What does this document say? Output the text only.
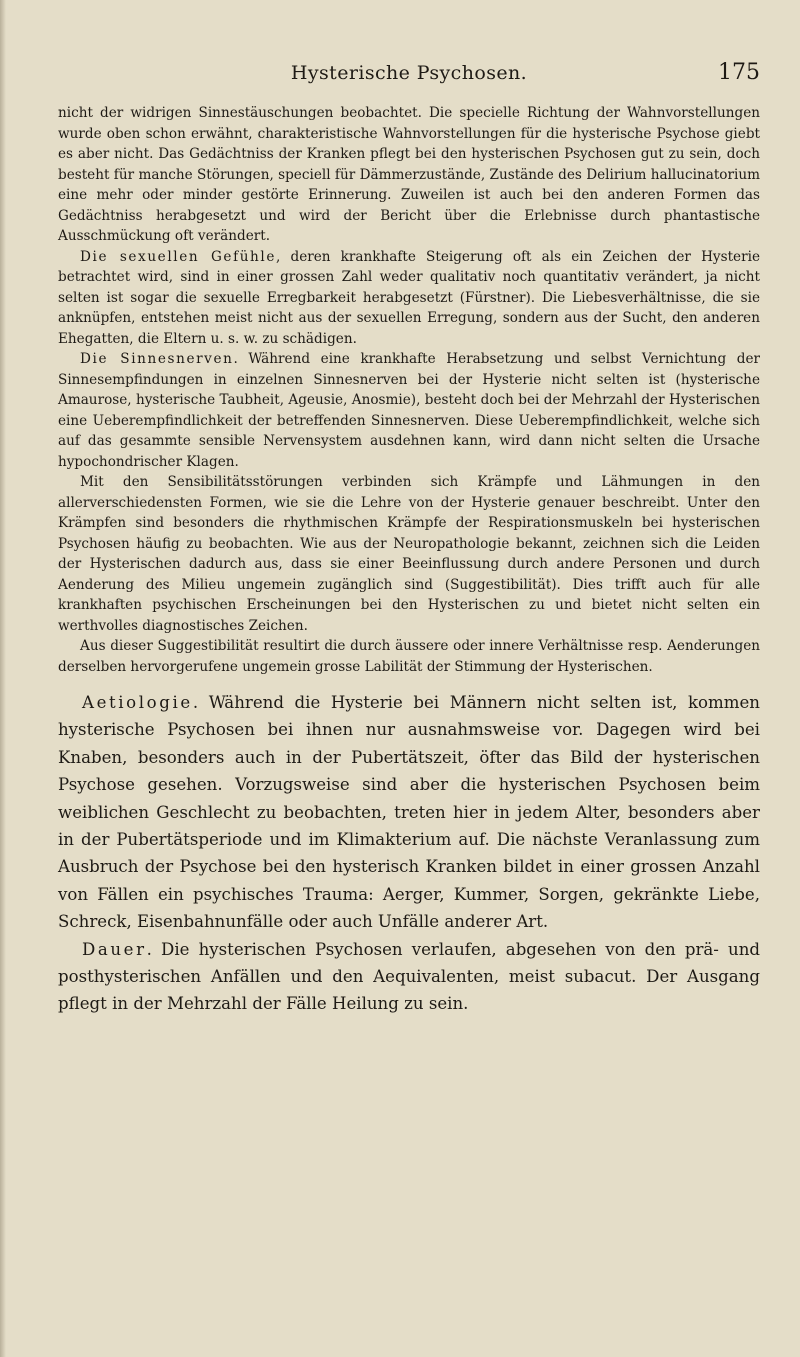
Hysterische Psychosen.	175

nicht der widrigen Sinnestäuschungen beobachtet. Die specielle Richtung der Wahnvorstellungen wurde oben schon erwähnt, charakteristische Wahnvorstellungen für die hysterische Psychose giebt es aber nicht. Das Gedächtniss der Kranken pflegt bei den hysterischen Psychosen gut zu sein, doch besteht für manche Störungen, speciell für Dämmerzustände, Zustände des Delirium hallucinatorium eine mehr oder minder gestörte Erinnerung. Zuweilen ist auch bei den anderen Formen das Gedächtniss herabgesetzt und wird der Bericht über die Erlebnisse durch phantastische Ausschmückung oft verändert.

Die sexuellen Gefühle, deren krankhafte Steigerung oft als ein Zeichen der Hysterie betrachtet wird, sind in einer grossen Zahl weder qualitativ noch quantitativ verändert, ja nicht selten ist sogar die sexuelle Erregbarkeit herabgesetzt (Fürstner). Die Liebesverhältnisse, die sie anknüpfen, entstehen meist nicht aus der sexuellen Erregung, sondern aus der Sucht, den anderen Ehegatten, die Eltern u. s. w. zu schädigen.

Die Sinnesnerven. Während eine krankhafte Herabsetzung und selbst Vernichtung der Sinnesempfindungen in einzelnen Sinnesnerven bei der Hysterie nicht selten ist (hysterische Amaurose, hysterische Taubheit, Ageusie, Anosmie), besteht doch bei der Mehrzahl der Hysterischen eine Ueberempfindlichkeit der betreffenden Sinnesnerven. Diese Ueberempfindlichkeit, welche sich auf das gesammte sensible Nervensystem ausdehnen kann, wird dann nicht selten die Ursache hypochondrischer Klagen.

Mit den Sensibilitätsstörungen verbinden sich Krämpfe und Lähmungen in den allerverschiedensten Formen, wie sie die Lehre von der Hysterie genauer beschreibt. Unter den Krämpfen sind besonders die rhythmischen Krämpfe der Respirationsmuskeln bei hysterischen Psychosen häufig zu beobachten. Wie aus der Neuropathologie bekannt, zeichnen sich die Leiden der Hysterischen dadurch aus, dass sie einer Beeinflussung durch andere Personen und durch Aenderung des Milieu ungemein zugänglich sind (Suggestibilität). Dies trifft auch für alle krankhaften psychischen Erscheinungen bei den Hysterischen zu und bietet nicht selten ein werthvolles diagnostisches Zeichen.

Aus dieser Suggestibilität resultirt die durch äussere oder innere Verhältnisse resp. Aenderungen derselben hervorgerufene ungemein grosse Labilität der Stimmung der Hysterischen.

Aetiologie. Während die Hysterie bei Männern nicht selten ist, kommen hysterische Psychosen bei ihnen nur ausnahmsweise vor. Dagegen wird bei Knaben, besonders auch in der Pubertätszeit, öfter das Bild der hysterischen Psychose gesehen. Vorzugsweise sind aber die hysterischen Psychosen beim weiblichen Geschlecht zu beobachten, treten hier in jedem Alter, besonders aber in der Pubertätsperiode und im Klimakterium auf. Die nächste Veranlassung zum Ausbruch der Psychose bei den hysterisch Kranken bildet in einer grossen Anzahl von Fällen ein psychisches Trauma: Aerger, Kummer, Sorgen, gekränkte Liebe, Schreck, Eisenbahnunfälle oder auch Unfälle anderer Art.

Dauer. Die hysterischen Psychosen verlaufen, abgesehen von den prä- und posthysterischen Anfällen und den Aequivalenten, meist subacut. Der Ausgang pflegt in der Mehrzahl der Fälle Heilung zu sein.
